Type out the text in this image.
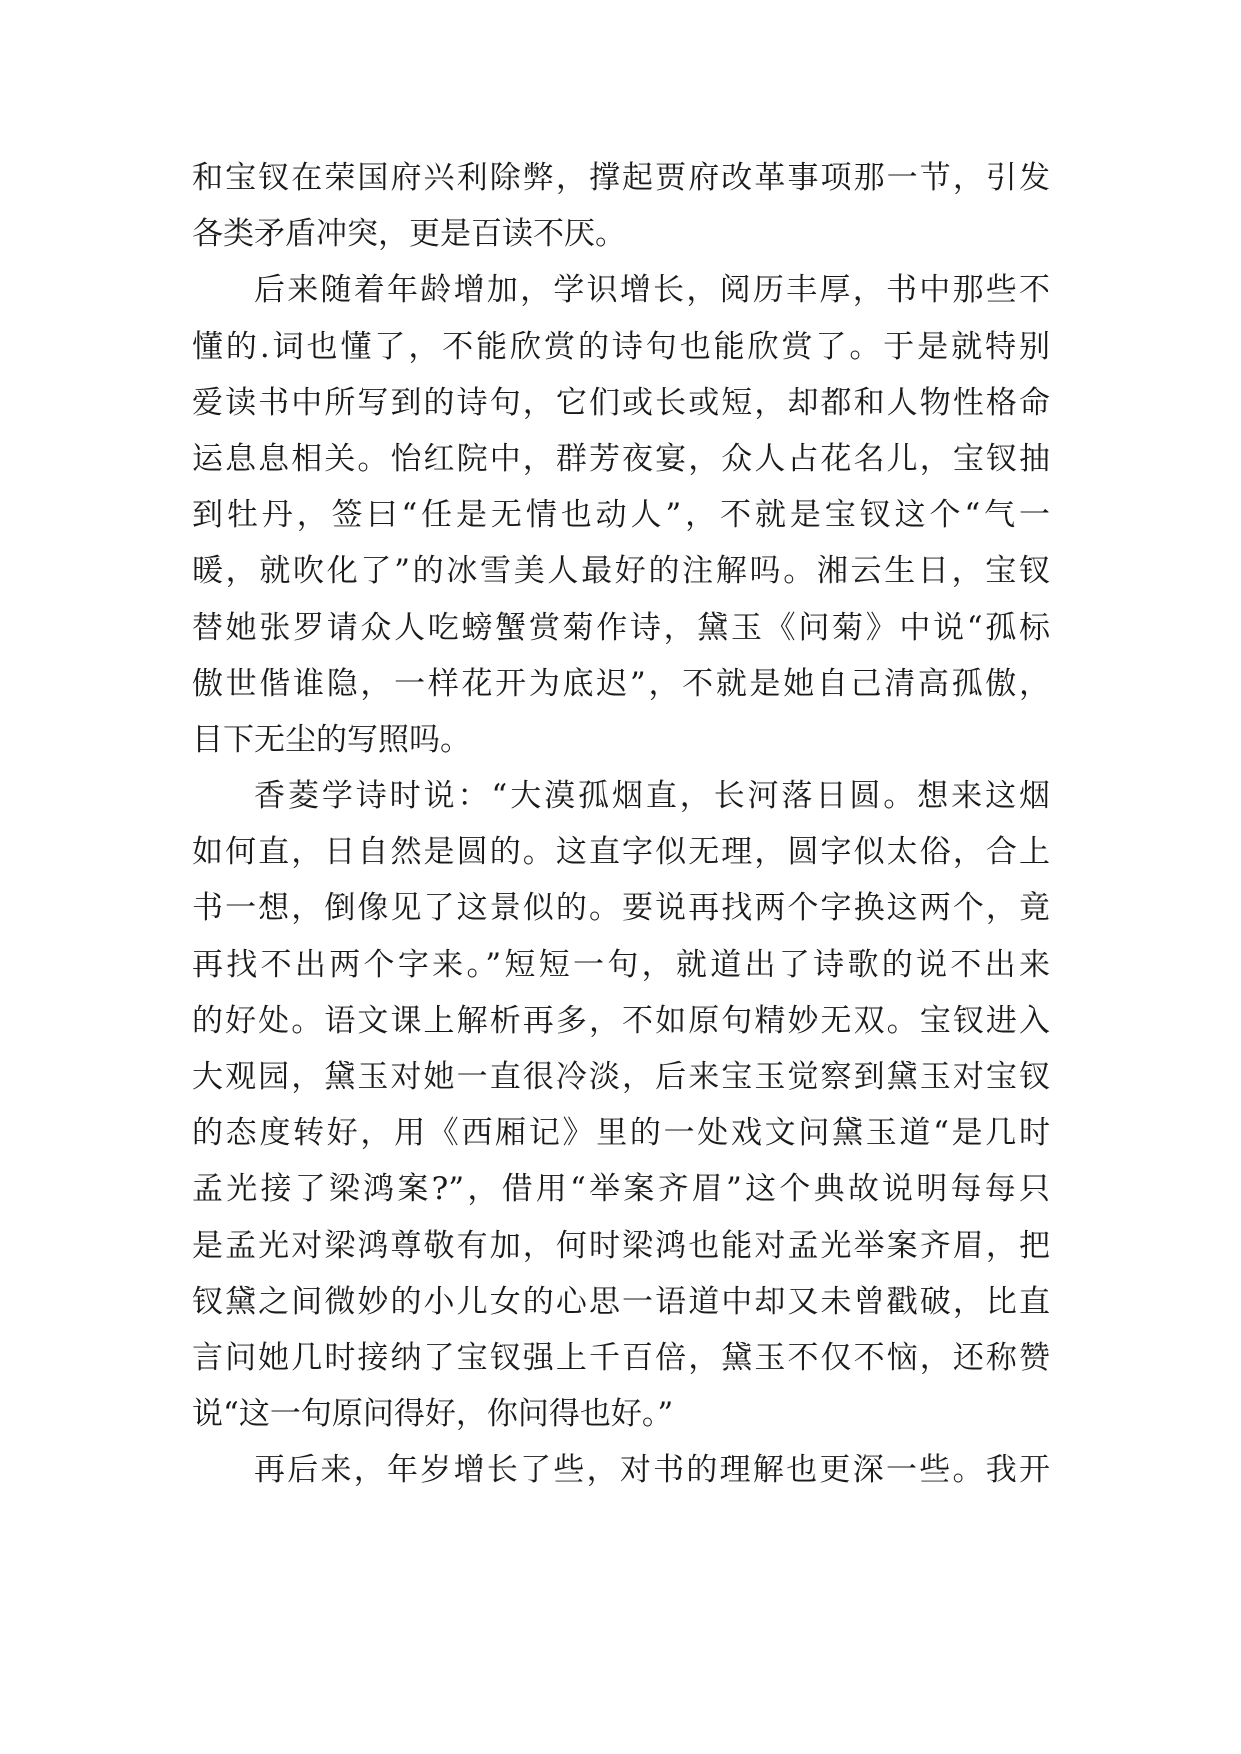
和宝钗在荣国府兴利除弊，撑起贾府改革事项那一节，引发
各类矛盾冲突，更是百读不厌。
后来随着年龄增加，学识增长，阅历丰厚，书中那些不
懂的.词也懂了，不能欣赏的诗句也能欣赏了。于是就特别
爱读书中所写到的诗句，它们或长或短，却都和人物性格命
运息息相关。怡红院中，群芳夜宴，众人占花名儿，宝钗抽
到牡丹，签曰“任是无情也动人”，不就是宝钗这个“气一
暖，就吹化了”的冰雪美人最好的注解吗。湘云生日，宝钗
替她张罗请众人吃螃蟹赏菊作诗，黛玉《问菊》中说“孤标
傲世偕谁隐，一样花开为底迟”，不就是她自己清高孤傲，
目下无尘的写照吗。
香菱学诗时说：“大漠孤烟直，长河落日圆。想来这烟
如何直，日自然是圆的。这直字似无理，圆字似太俗，合上
书一想，倒像见了这景似的。要说再找两个字换这两个，竟
再找不出两个字来。”短短一句，就道出了诗歌的说不出来
的好处。语文课上解析再多，不如原句精妙无双。宝钗进入
大观园，黛玉对她一直很冷淡，后来宝玉觉察到黛玉对宝钗
的态度转好，用《西厢记》里的一处戏文问黛玉道“是几时
孟光接了梁鸿案?”，借用“举案齐眉”这个典故说明每每只
是孟光对梁鸿尊敬有加，何时梁鸿也能对孟光举案齐眉，把
钗黛之间微妙的小儿女的心思一语道中却又未曾戳破，比直
言问她几时接纳了宝钗强上千百倍，黛玉不仅不恼，还称赞
说“这一句原问得好，你问得也好。”
再后来，年岁增长了些，对书的理解也更深一些。我开
